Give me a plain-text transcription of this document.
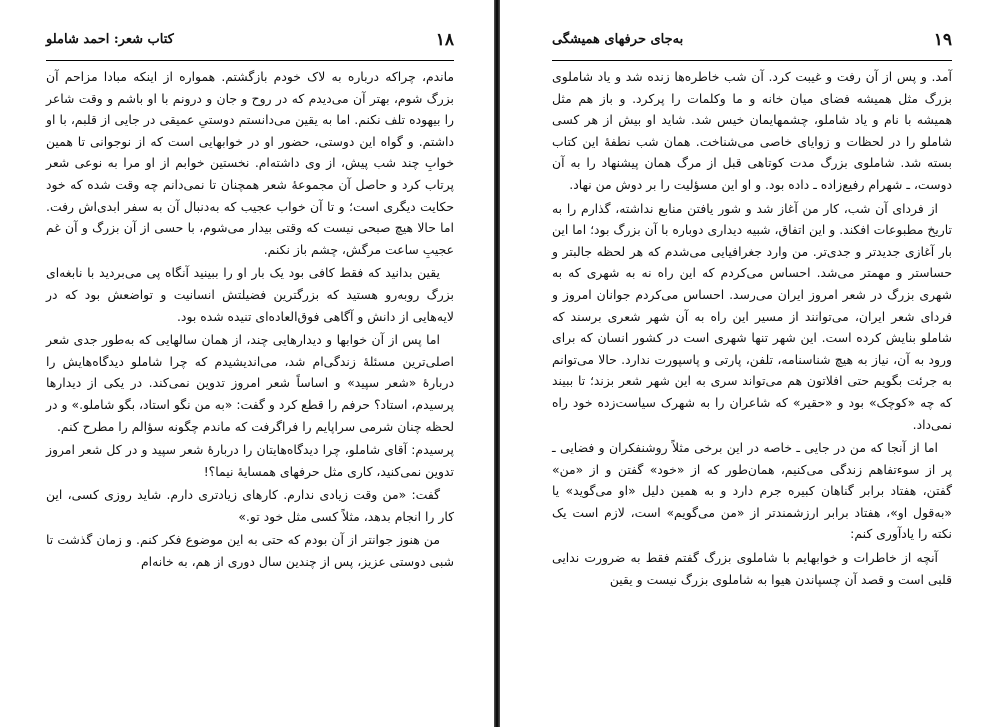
۱۸
کتاب شعر: احمد شاملو

ماندم، چراکه درباره به لاک خودم بازگشتم. همواره از اینکه مبادا مزاحم آن بزرگ شوم، بهتر آن می‌دیدم که در روح و جان و درونم با او باشم و وقت شاعر را بیهوده تلف نکنم. اما به یقین می‌دانستم دوستیِ عمیقی در جایی از قلبم، با او داشتم. و گواه این دوستی، حضور او در خوابهایی است که از نوجوانی تا همین خوابِ چند شب پیش، از وی داشته‌ام. نخستین خوابم از او مرا به نوعی شعر پرتاب کرد و حاصل آن مجموعهٔ شعر همچنان تا نمی‌دانم چه وقت شده که خود حکایت دیگری است؛ و تا آن خواب عجیب که به‌دنبال آن به سفر ابدی‌اش رفت. اما حالا هیچ صبحی نیست که وقتی بیدار می‌شوم، با حسی از آن بزرگ و آن غم عجیبِ ساعت مرگش، چشم باز نکنم.

یقین بدانید که فقط کافی بود یک بار او را ببینید آنگاه پی می‌بردید با نابغه‌ای بزرگ روبه‌رو هستید که بزرگترین فضیلتش انسانیت و تواضعش بود که در لایه‌هایی از دانش و آگاهی فوق‌العاده‌ای تنیده شده بود.

اما پس از آن خوابها و دیدارهایی چند، از همان سالهایی که به‌طور جدی شعر اصلی‌ترین مسئلهٔ زندگی‌ام شد، می‌اندیشیدم که چرا شاملو دیدگاه‌هایش را دربارهٔ «شعر سپید» و اساساً شعر امروز تدوین نمی‌کند. در یکی از دیدارها پرسیدم، استاد؟ حرفم را قطع کرد و گفت: «به من نگو استاد، بگو شاملو.» و در لحظه چنان شرمی سراپایم را فراگرفت که ماندم چگونه سؤالم را مطرح کنم.

پرسیدم: آقای شاملو، چرا دیدگاه‌هایتان را دربارهٔ شعر سپید و در کل شعر امروز تدوین نمی‌کنید، کاری مثل حرفهای همسایهٔ نیما؟!

گفت: «من وقت زیادی ندارم. کارهای زیادتری دارم. شاید روزی کسی، این کار را انجام بدهد، مثلاً کسی مثل خود تو.»

من هنوز جوانتر از آن بودم که حتی به این موضوع فکر کنم. و زمان گذشت تا شبی دوستی عزیز، پس از چندین سال دوری از هم، به خانه‌ام

۱۹
به‌جای حرفهای همیشگی

آمد. و پس از آن رفت و غیبت کرد. آن شب خاطره‌ها زنده شد و یاد شاملوی بزرگ مثل همیشه فضای میان خانه و ما وکلمات را پرکرد. و باز هم مثل همیشه با نام و یاد شاملو، چشمهایمان خیس شد. شاید او بیش از هر کسی شاملو را در لحظات و زوایای خاصی می‌شناخت. همان شب نطفهٔ این کتاب بسته شد. شاملوی بزرگ مدت کوتاهی قبل از مرگ همان پیشنهاد را به آن دوست، ـ شهرام رفیع‌زاده ـ داده بود. و او این مسؤلیت را بر دوش من نهاد.

از فردای آن شب، کار من آغاز شد و شور یافتن منابع نداشته، گذارم را به تاریخ مطبوعات افکند. و این اتفاق، شبیه دیداری دوباره با آن بزرگ بود؛ اما این بار آغازی جدیدتر و جدی‌تر. من وارد جغرافیایی می‌شدم که هر لحظه جالبتر و حساستر و مهمتر می‌شد. احساس می‌کردم که این راه نه به شهری که به شهری بزرگ در شعر امروز ایران می‌رسد. احساس می‌کردم جوانان امروز و فردای شعر ایران، می‌توانند از مسیر این راه به آن شهر شعری برسند که شاملو بنایش کرده است. این شهر تنها شهری است در کشور انسان که برای ورود به آن، نیاز به هیچ شناسنامه، تلفن، پارتی و پاسپورت ندارد. حالا می‌توانم به جرئت بگویم حتی افلاتون هم می‌تواند سری به این شهر شعر بزند؛ تا ببیند که چه «کوچک» بود و «حقیر» که شاعران را به شهرک سیاست‌زده خود راه نمی‌داد.

اما از آنجا که من در جایی ـ خاصه در این برخی مثلاً روشنفکران و فضایی ـ پر از سوءتفاهم زندگی می‌کنیم، همان‌طور که از «خود» گفتن و از «من» گفتن، هفتاد برابر گناهان کبیره جرم دارد و به همین دلیل «او می‌گوید» یا «به‌قول او»، هفتاد برابر ارزشمندتر از «من می‌گویم» است، لازم است یک نکته را یادآوری کنم:

آنچه از خاطرات و خوابهایم با شاملوی بزرگ گفتم فقط به ضرورت ندایی قلبی است و قصد آن چسپاندن هیوا به شاملوی بزرگ نیست و یقین
